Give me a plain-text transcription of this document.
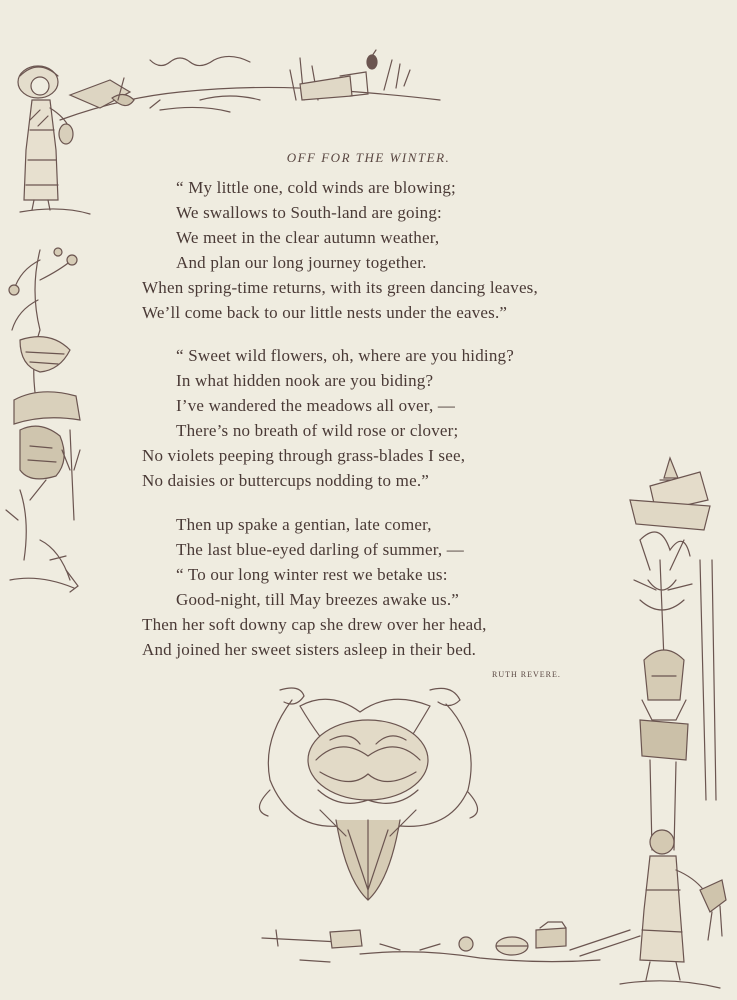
OFF FOR THE WINTER.
“ My little one, cold winds are blowing;
We swallows to South-land are going:
We meet in the clear autumn weather,
And plan our long journey together.
When spring-time returns, with its green dancing leaves,
We’ll come back to our little nests under the eaves.”
“ Sweet wild flowers, oh, where are you hiding?
In what hidden nook are you biding?
I’ve wandered the meadows all over, —
There’s no breath of wild rose or clover;
No violets peeping through grass-blades I see,
No daisies or buttercups nodding to me.”
Then up spake a gentian, late comer,
The last blue-eyed darling of summer, —
“ To our long winter rest we betake us:
Good-night, till May breezes awake us.”
Then her soft downy cap she drew over her head,
And joined her sweet sisters asleep in their bed.
RUTH REVERE.
